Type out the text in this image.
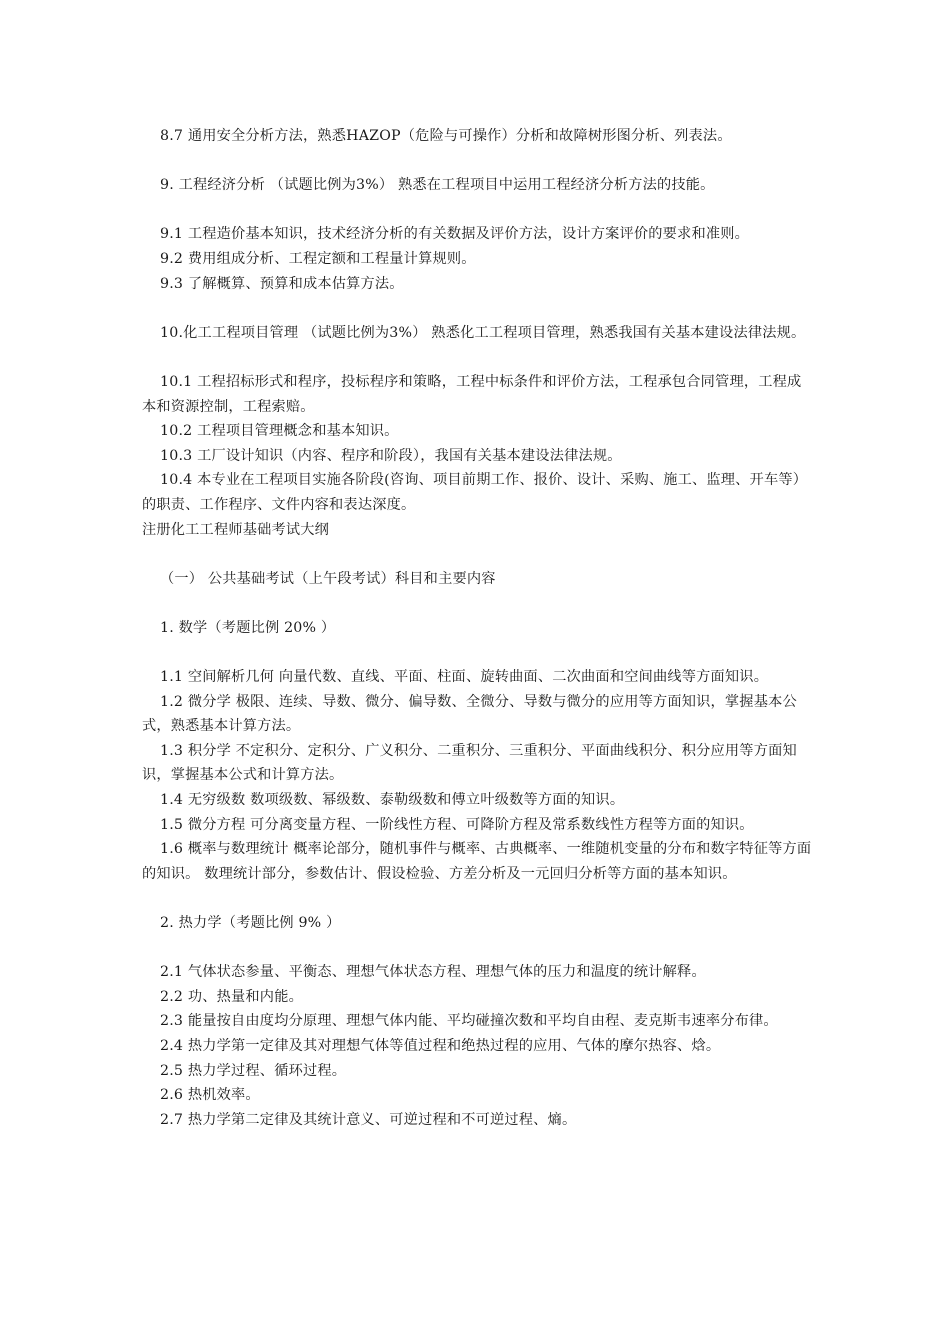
8.7 通用安全分析方法，熟悉HAZOP（危险与可操作）分析和故障树形图分析、列表法。

9. 工程经济分析 （试题比例为3%） 熟悉在工程项目中运用工程经济分析方法的技能。

9.1 工程造价基本知识，技术经济分析的有关数据及评价方法，设计方案评价的要求和准则。

9.2 费用组成分析、工程定额和工程量计算规则。

9.3 了解概算、预算和成本估算方法。

10.化工工程项目管理 （试题比例为3%） 熟悉化工工程项目管理，熟悉我国有关基本建设法律法规。

10.1 工程招标形式和程序，投标程序和策略，工程中标条件和评价方法，工程承包合同管理，工程成本和资源控制，工程索赔。

10.2 工程项目管理概念和基本知识。

10.3 工厂设计知识（内容、程序和阶段），我国有关基本建设法律法规。

10.4 本专业在工程项目实施各阶段(咨询、项目前期工作、报价、设计、采购、施工、监理、开车等）的职责、工作程序、文件内容和表达深度。

注册化工工程师基础考试大纲

（一） 公共基础考试（上午段考试）科目和主要内容

1. 数学（考题比例 20% ）

1.1 空间解析几何 向量代数、直线、平面、柱面、旋转曲面、二次曲面和空间曲线等方面知识。

1.2 微分学 极限、连续、导数、微分、偏导数、全微分、导数与微分的应用等方面知识，掌握基本公式，熟悉基本计算方法。

1.3 积分学 不定积分、定积分、广义积分、二重积分、三重积分、平面曲线积分、积分应用等方面知识，掌握基本公式和计算方法。

1.4 无穷级数 数项级数、幂级数、泰勒级数和傅立叶级数等方面的知识。

1.5 微分方程 可分离变量方程、一阶线性方程、可降阶方程及常系数线性方程等方面的知识。

1.6 概率与数理统计 概率论部分，随机事件与概率、古典概率、一维随机变量的分布和数字特征等方面的知识。 数理统计部分，参数估计、假设检验、方差分析及一元回归分析等方面的基本知识。

2. 热力学（考题比例 9% ）

2.1 气体状态参量、平衡态、理想气体状态方程、理想气体的压力和温度的统计解释。

2.2 功、热量和内能。

2.3 能量按自由度均分原理、理想气体内能、平均碰撞次数和平均自由程、麦克斯韦速率分布律。

2.4 热力学第一定律及其对理想气体等值过程和绝热过程的应用、气体的摩尔热容、焓。

2.5 热力学过程、循环过程。

2.6 热机效率。

2.7 热力学第二定律及其统计意义、可逆过程和不可逆过程、熵。
